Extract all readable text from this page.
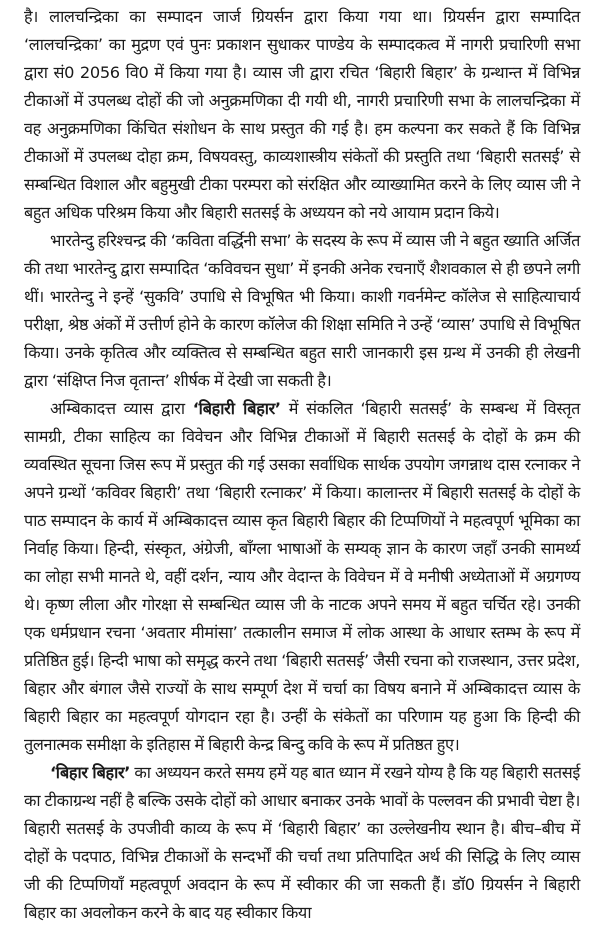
है। लालचन्द्रिका का सम्पादन जार्ज ग्रियर्सन द्वारा किया गया था। ग्रियर्सन द्वारा सम्पादित ‘लालचन्द्रिका’ का मुद्रण एवं पुनः प्रकाशन सुधाकर पाण्डेय के सम्पादकत्व में नागरी प्रचारिणी सभा द्वारा सं0 2056 वि0 में किया गया है। व्यास जी द्वारा रचित ‘बिहारी बिहार’ के ग्रन्थान्त में विभिन्न टीकाओं में उपलब्ध दोहों की जो अनुक्रमणिका दी गयी थी, नागरी प्रचारिणी सभा के लालचन्द्रिका में वह अनुक्रमणिका किंचित संशोधन के साथ प्रस्तुत की गई है। हम कल्पना कर सकते हैं कि विभिन्न टीकाओं में उपलब्ध दोहा क्रम, विषयवस्तु, काव्यशास्त्रीय संकेतों की प्रस्तुति तथा ‘बिहारी सतसई’ से सम्बन्धित विशाल और बहुमुखी टीका परम्परा को संरक्षित और व्याख्यामित करने के लिए व्यास जी ने बहुत अधिक परिश्रम किया और बिहारी सतसई के अध्ययन को नये आयाम प्रदान किये।

भारतेन्दु हरिश्चन्द्र की ‘कविता वर्द्धिनी सभा’ के सदस्य के रूप में व्यास जी ने बहुत ख्याति अर्जित की तथा भारतेन्दु द्वारा सम्पादित ‘कविवचन सुधा’ में इनकी अनेक रचनाएँ शैशवकाल से ही छपने लगी थीं। भारतेन्दु ने इन्हें ‘सुकवि’ उपाधि से विभूषित भी किया। काशी गवर्नमेन्ट कॉलेज से साहित्याचार्य परीक्षा, श्रेष्ठ अंकों में उत्तीर्ण होने के कारण कॉलेज की शिक्षा समिति ने उन्हें ‘व्यास’ उपाधि से विभूषित किया। उनके कृतित्व और व्यक्तित्व से सम्बन्धित बहुत सारी जानकारी इस ग्रन्थ में उनकी ही लेखनी द्वारा ‘संक्षिप्त निज वृतान्त’ शीर्षक में देखी जा सकती है।

अम्बिकादत्त व्यास द्वारा ‘बिहारी बिहार’ में संकलित ‘बिहारी सतसई’ के सम्बन्ध में विस्तृत सामग्री, टीका साहित्य का विवेचन और विभिन्न टीकाओं में बिहारी सतसई के दोहों के क्रम की व्यवस्थित सूचना जिस रूप में प्रस्तुत की गई उसका सर्वाधिक सार्थक उपयोग जगन्नाथ दास रत्नाकर ने अपने ग्रन्थों ‘कविवर बिहारी’ तथा ‘बिहारी रत्नाकर’ में किया। कालान्तर में बिहारी सतसई के दोहों के पाठ सम्पादन के कार्य में अम्बिकादत्त व्यास कृत बिहारी बिहार की टिप्पणियों ने महत्वपूर्ण भूमिका का निर्वाह किया। हिन्दी, संस्कृत, अंग्रेजी, बाँग्ला भाषाओं के सम्यक् ज्ञान के कारण जहाँ उनकी सामर्थ्य का लोहा सभी मानते थे, वहीं दर्शन, न्याय और वेदान्त के विवेचन में वे मनीषी अध्येताओं में अग्रगण्य थे। कृष्ण लीला और गोरक्षा से सम्बन्धित व्यास जी के नाटक अपने समय में बहुत चर्चित रहे। उनकी एक धर्मप्रधान रचना ‘अवतार मीमांसा’ तत्कालीन समाज में लोक आस्था के आधार स्तम्भ के रूप में प्रतिष्ठित हुई। हिन्दी भाषा को समृद्ध करने तथा ‘बिहारी सतसई’ जैसी रचना को राजस्थान, उत्तर प्रदेश, बिहार और बंगाल जैसे राज्यों के साथ सम्पूर्ण देश में चर्चा का विषय बनाने में अम्बिकादत्त व्यास के बिहारी बिहार का महत्वपूर्ण योगदान रहा है। उन्हीं के संकेतों का परिणाम यह हुआ कि हिन्दी की तुलनात्मक समीक्षा के इतिहास में बिहारी केन्द्र बिन्दु कवि के रूप में प्रतिष्ठत हुए।

‘बिहार बिहार’ का अध्ययन करते समय हमें यह बात ध्यान में रखने योग्य है कि यह बिहारी सतसई का टीकाग्रन्थ नहीं है बल्कि उसके दोहों को आधार बनाकर उनके भावों के पल्लवन की प्रभावी चेष्टा है। बिहारी सतसई के उपजीवी काव्य के रूप में ‘बिहारी बिहार’ का उल्लेखनीय स्थान है। बीच–बीच में दोहों के पदपाठ, विभिन्न टीकाओं के सन्दर्भों की चर्चा तथा प्रतिपादित अर्थ की सिद्धि के लिए व्यास जी की टिप्पणियाँ महत्वपूर्ण अवदान के रूप में स्वीकार की जा सकती हैं। डॉ0 ग्रियर्सन ने बिहारी बिहार का अवलोकन करने के बाद यह स्वीकार किया
